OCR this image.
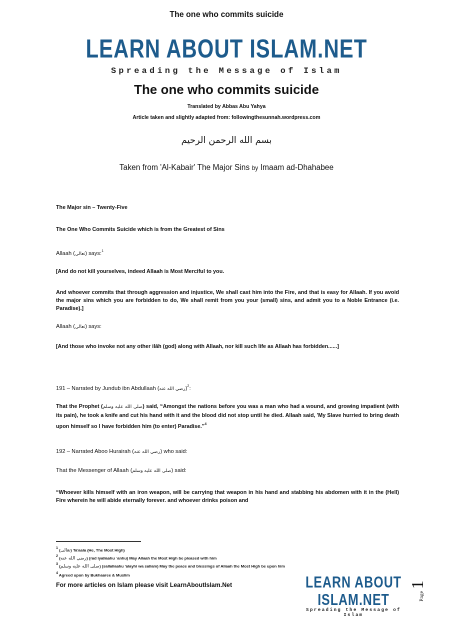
The one who commits suicide
LEARN ABOUT ISLAM.NET
Spreading the Message of Islam
The one who commits suicide
Translated by Abbas Abu Yahya
Article taken and slightly adapted from: followingthesunnah.wordpress.com
بسم الله الرحمن الرحيم
Taken from 'Al-Kabair' The Major Sins by Imaam ad-Dhahabee
The Major sin – Twenty-Five
The One Who Commits Suicide which is from the Greatest of Sins
Allaah (تعالى) says:$^1$
[And do not kill yourselves, indeed Allaah is Most Merciful to you.
And whoever commits that through aggression and injustice, We shall cast him into the Fire, and that is easy for Allaah. If you avoid the major sins which you are forbidden to do, We shall remit from you your (small) sins, and admit you to a Noble Entrance (i.e. Paradise).]
Allaah (تعالى) says:
[And those who invoke not any other ilāh (god) along with Allaah, nor kill such life as Allaah has forbidden......]
191 – Narrated by Jundub ibn Abdullaah (رضي الله عنه)$^2$:
That the Prophet (صلى الله عليه وسلم) said, “Amongst the nations before you was a man who had a wound, and growing impatient (with its pain), he took a knife and cut his hand with it and the blood did not stop until he died. Allaah said, 'My Slave hurried to bring death upon himself so I have forbidden him (to enter) Paradise.”$^4$
192 – Narrated Aboo Hurairah (رضي الله عنه) who said:
That the Messenger of Allaah (صلى الله عليه وسلم) said:
“Whoever kills himself with an iron weapon, will be carrying that weapon in his hand and stabbing his abdomen with it in the (Hell) Fire wherein he will abide eternally forever. and whoever drinks poison and
1 (تعالى) Ta'aala (He, The Most High)
2 (رضي الله عنه) (rad iyallaahu `anhu) May Allaah the Most High be pleased with him
3 (صلى الله عليه وسلم) (sallallaahu 'alayhi wa sallam) May the peace and blessings of Allaah the Most High be upon him
4 Agreed upon by Bukhaaree & Muslim
For more articles on Islam please visit LearnAboutIslam.Net	LEARN ABOUT ISLAM.NET
Spreading the Message of Islam
Page
1
